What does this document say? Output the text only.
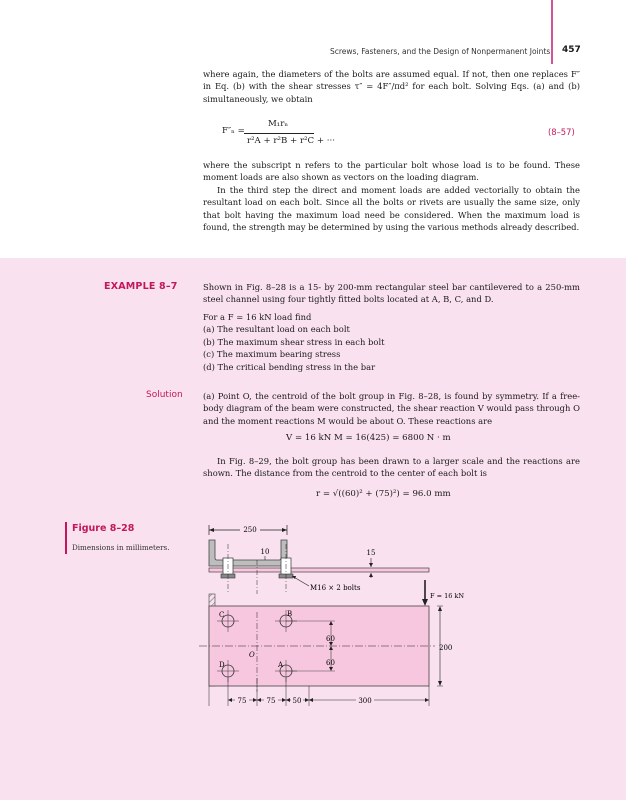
Screws, Fasteners, and the Design of Nonpermanent Joints 457

where again, the diameters of the bolts are assumed equal. If not, then one replaces F″ in Eq. (b) with the shear stresses τ″ = 4F″/πd² for each bolt. Solving Eqs. (a) and (b) simultaneously, we obtain

F″ₙ =
M₁rₙ
r²A + r²B + r²C + ···
(8–57)

where the subscript n refers to the particular bolt whose load is to be found. These moment loads are also shown as vectors on the loading diagram.

In the third step the direct and moment loads are added vectorially to obtain the resultant load on each bolt. Since all the bolts or rivets are usually the same size, only that bolt having the maximum load need be considered. When the maximum load is found, the strength may be determined by using the various methods already described.

EXAMPLE 8–7	Shown in Fig. 8–28 is a 15- by 200-mm rectangular steel bar cantilevered to a 250-mm steel channel using four tightly fitted bolts located at A, B, C, and D.

For a F = 16 kN load find
(a) The resultant load on each bolt
(b) The maximum shear stress in each bolt
(c) The maximum bearing stress
(d) The critical bending stress in the bar
Solution (a) Point O, the centroid of the bolt group in Fig. 8–28, is found by symmetry. If a free-body diagram of the beam were constructed, the shear reaction V would pass through O and the moment reactions M would be about O. These reactions are

V = 16 kN M = 16(425) = 6800 N · m

In Fig. 8–29, the bolt group has been drawn to a larger scale and the reactions are shown. The distance from the centroid to the center of each bolt is

r = √((60)² + (75)²) = 96.0 mm
Figure 8–28
Dimensions in millimeters.
250
10	15
M16 × 2 bolts
F = 16 kN
200
C	B
O
D	A
60
60
75	75 50	300
